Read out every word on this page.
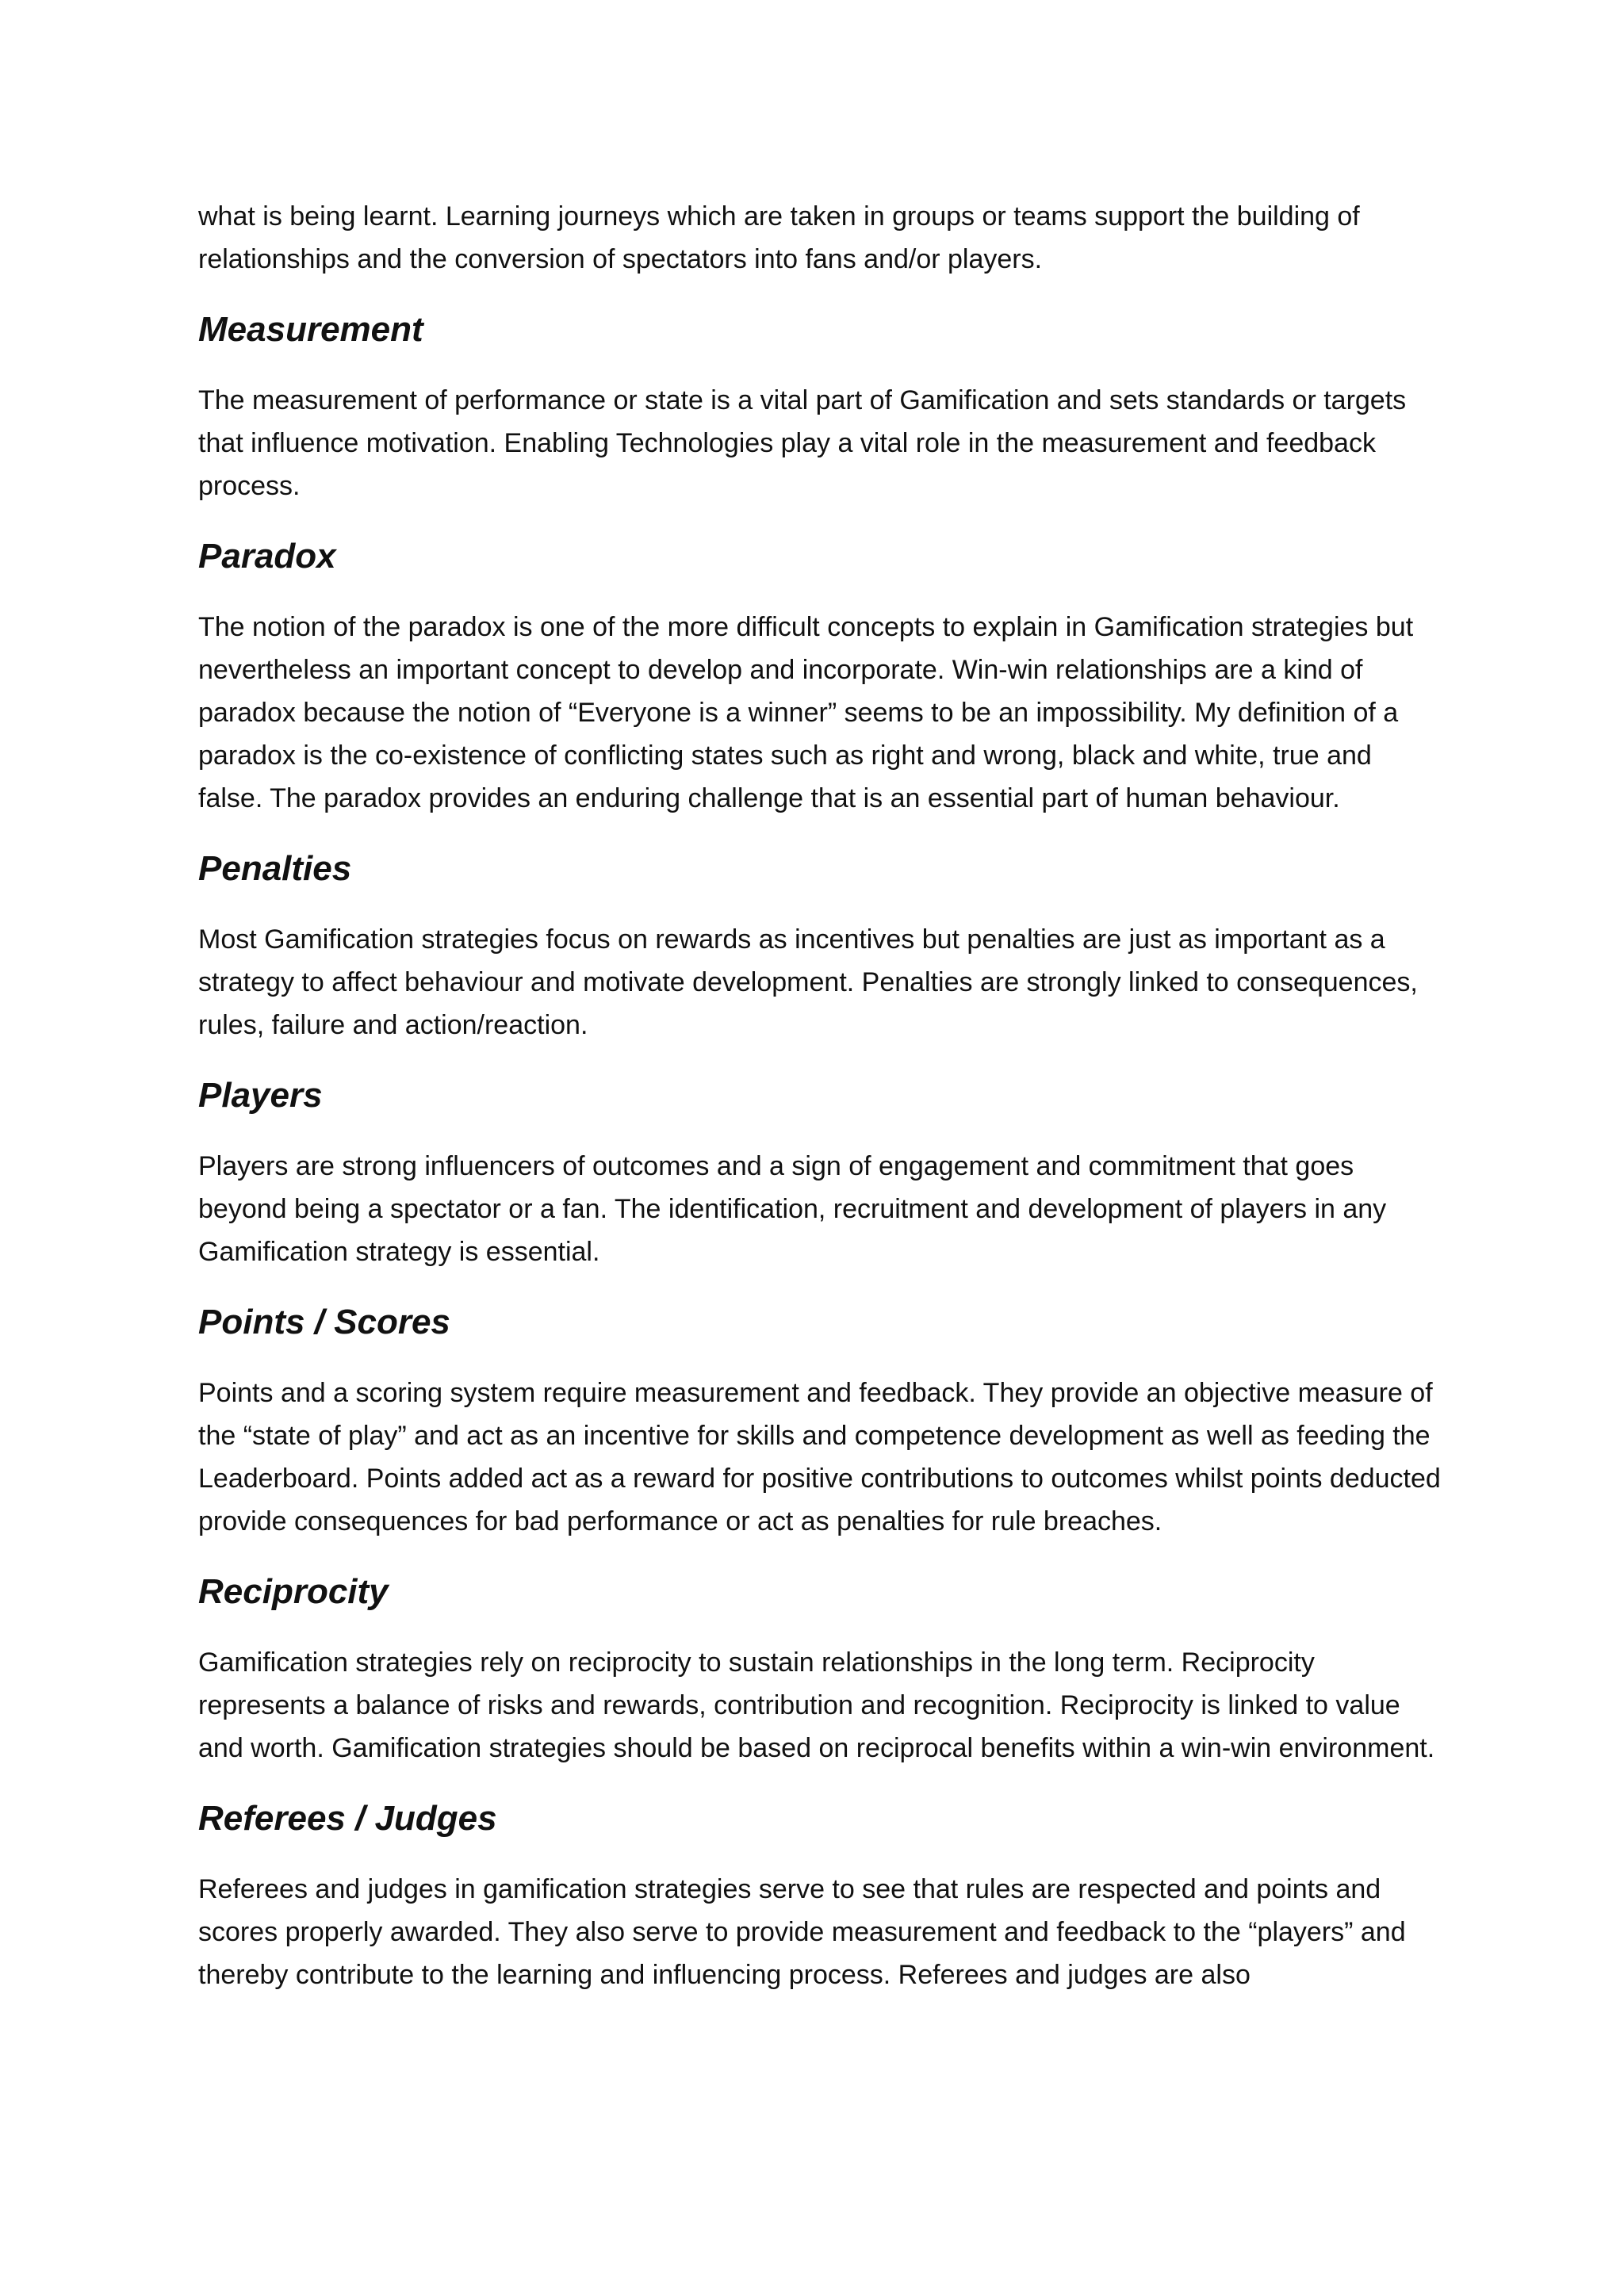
what is being learnt. Learning journeys which are taken in groups or teams support the building of relationships and the conversion of spectators into fans and/or players.

Measurement

The measurement of performance or state is a vital part of Gamification and sets standards or targets that influence motivation. Enabling Technologies play a vital role in the measurement and feedback process.

Paradox

The notion of the paradox is one of the more difficult concepts to explain in Gamification strategies but nevertheless an important concept to develop and incorporate. Win-win relationships are a kind of paradox because the notion of “Everyone is a winner” seems to be an impossibility. My definition of a paradox is the co-existence of conflicting states such as right and wrong, black and white, true and false. The paradox provides an enduring challenge that is an essential part of human behaviour.

Penalties

Most Gamification strategies focus on rewards as incentives but penalties are just as important as a strategy to affect behaviour and motivate development. Penalties are strongly linked to consequences, rules, failure and action/reaction.

Players

Players are strong influencers of outcomes and a sign of engagement and commitment that goes beyond being a spectator or a fan. The identification, recruitment and development of players in any Gamification strategy is essential.

Points / Scores

Points and a scoring system require measurement and feedback. They provide an objective measure of the “state of play” and act as an incentive for skills and competence development as well as feeding the Leaderboard. Points added act as a reward for positive contributions to outcomes whilst points deducted provide consequences for bad performance or act as penalties for rule breaches.

Reciprocity

Gamification strategies rely on reciprocity to sustain relationships in the long term. Reciprocity represents a balance of risks and rewards, contribution and recognition. Reciprocity is linked to value and worth. Gamification strategies should be based on reciprocal benefits within a win-win environment.

Referees / Judges

Referees and judges in gamification strategies serve to see that rules are respected and points and scores properly awarded. They also serve to provide measurement and feedback to the “players” and thereby contribute to the learning and influencing process. Referees and judges are also
